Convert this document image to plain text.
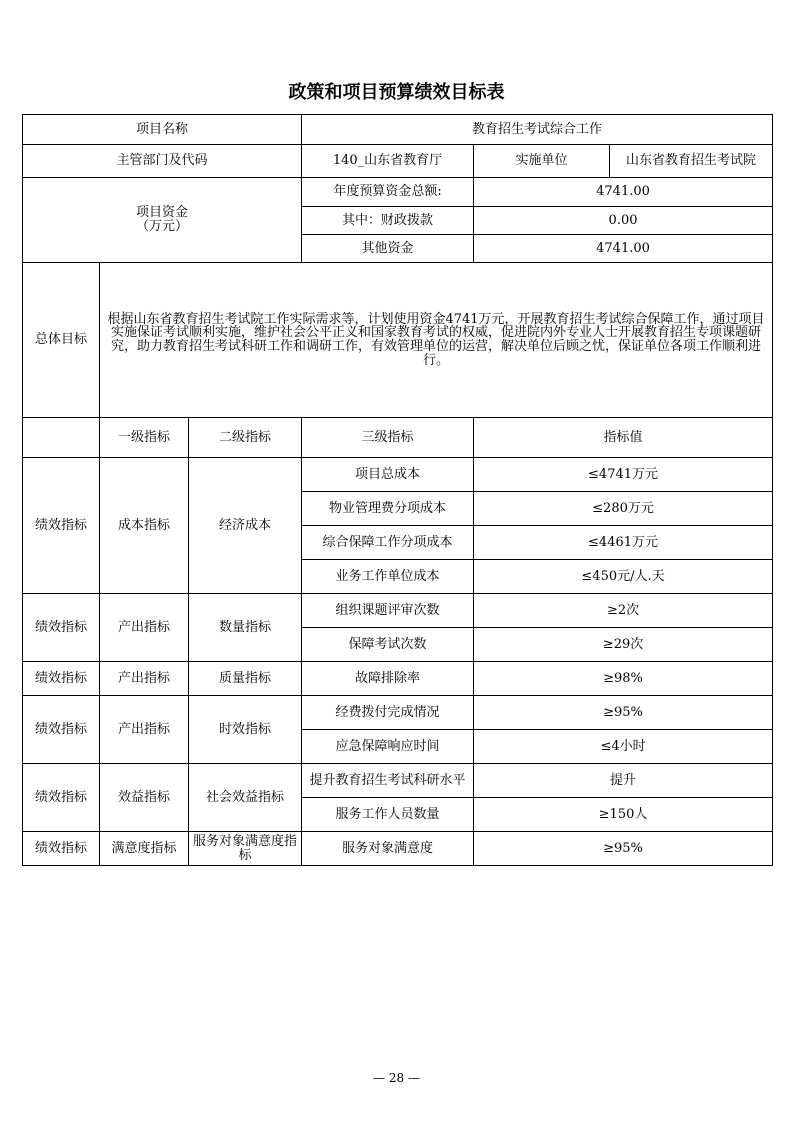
政策和项目预算绩效目标表
项目名称			教育招生考试综合工作		
主管部门及代码			140_山东省教育厅	实施单位	山东省教育招生考试院

项目资金
（万元）			年度预算资金总额:	4741.00	
			其中：财政拨款	0.00	
			其他资金	4741.00	
总体目标	根据山东省教育招生考试院工作实际需求等，计划使用资金4741万元，开展教育招生考试综合保障工作，通过项目实施保证考试顺利实施，维护社会公平正义和国家教育考试的权威，促进院内外专业人士开展教育招生专项课题研究，助力教育招生考试科研工作和调研工作，有效管理单位的运营，解决单位后顾之忧，保证单位各项工作顺利进行。				
	一级指标	二级指标	三级指标	指标值	
绩效指标	成本指标	经济成本	项目总成本	≤4741万元	
			物业管理费分项成本	≤280万元	
			综合保障工作分项成本	≤4461万元	
			业务工作单位成本	≤450元/人.天	
绩效指标	产出指标	数量指标	组织课题评审次数	≥2次	
			保障考试次数	≥29次	
绩效指标	产出指标	质量指标	故障排除率	≥98%	
绩效指标	产出指标	时效指标	经费拨付完成情况	≥95%	
			应急保障响应时间	≤4小时	
绩效指标	效益指标	社会效益指标	提升教育招生考试科研水平	提升	
			服务工作人员数量	≥150人	
绩效指标	满意度指标	服务对象满意度指标	服务对象满意度	≥95%	
— 28 —
